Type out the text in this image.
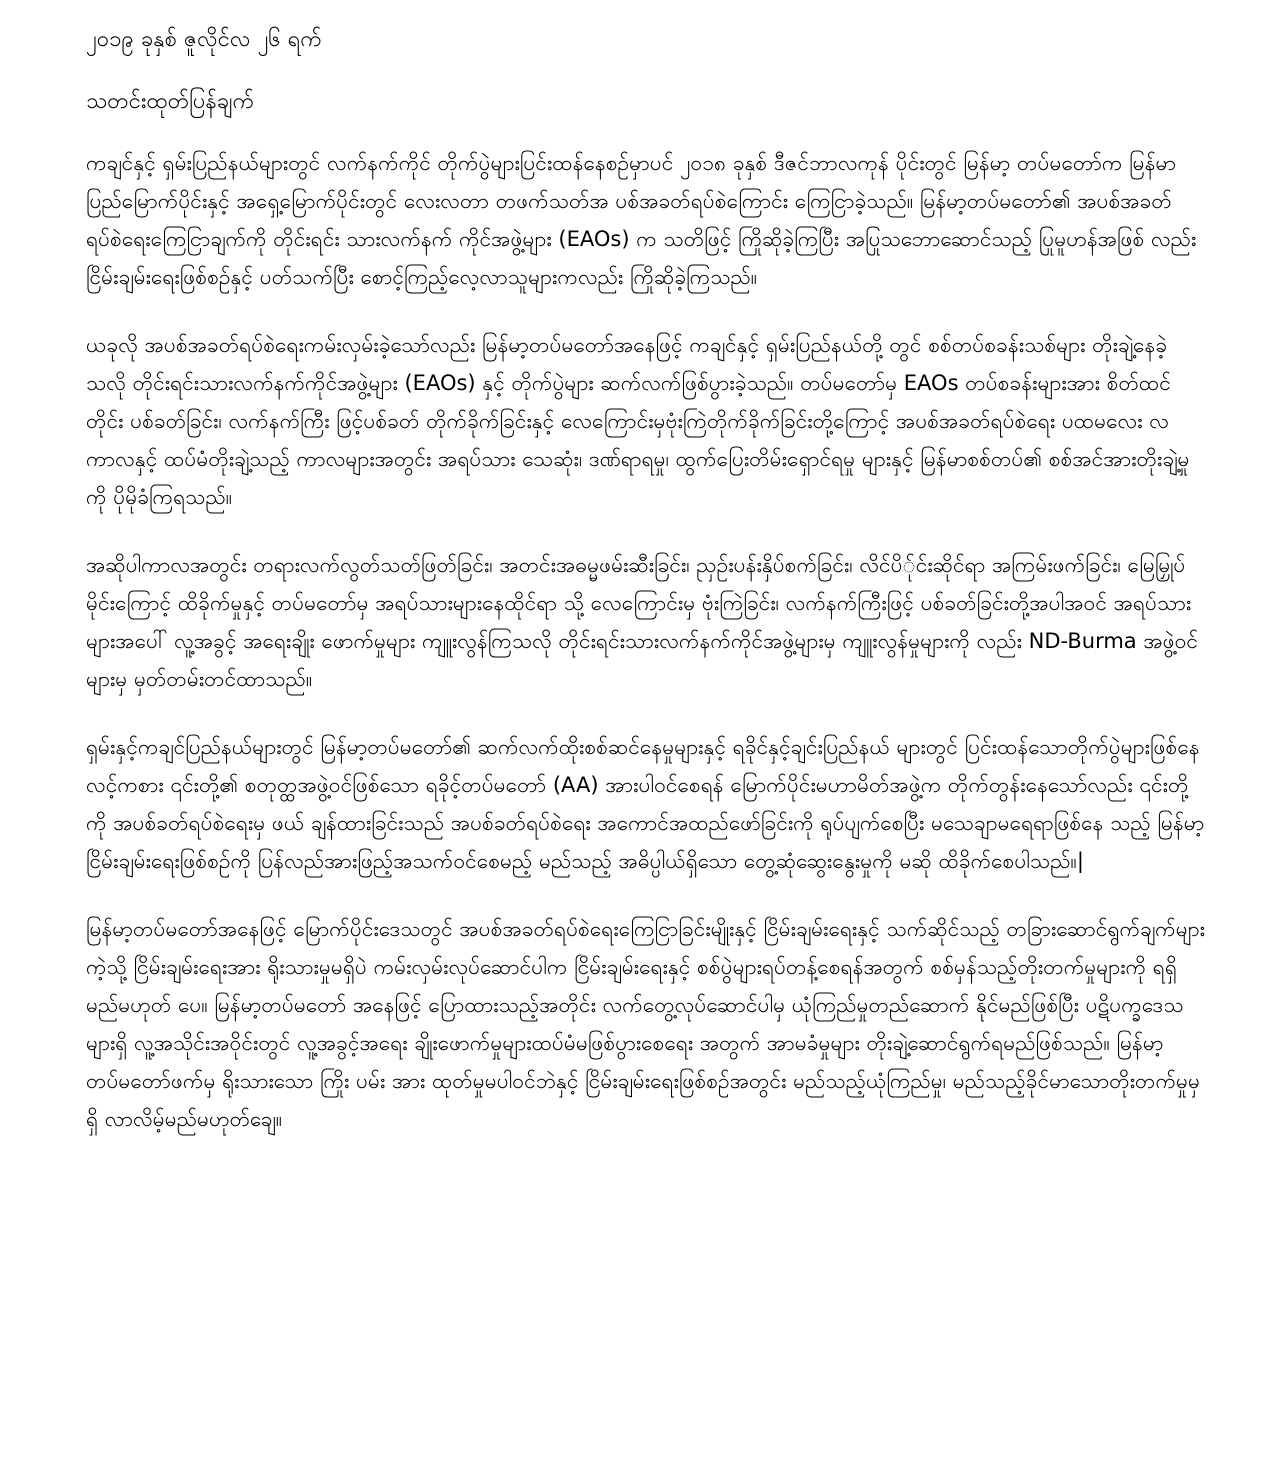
၂၀၁၉ ခုနှစ် ဇူလိုင်လ ၂၆ ရက်
သတင်းထုတ်ပြန်ချက်

ကချင်နှင့် ရှမ်းပြည်နယ်များတွင် လက်နက်ကိုင် တိုက်ပွဲများပြင်းထန်နေစဉ်မှာပင် ၂၀၁၈ ခုနှစ် ဒီဇင်ဘာလကုန် ပိုင်းတွင် မြန်မာ့ တပ်မတော်က မြန်မာပြည်မြောက်ပိုင်းနှင့် အရှေ့မြောက်ပိုင်းတွင် လေးလတာ တဖက်သတ်အ ပစ်အခတ်ရပ်စဲကြောင်း ကြေငြာခဲ့သည်။ မြန်မာ့တပ်မတော်၏ အပစ်အခတ်ရပ်စဲရေးကြေငြာချက်ကို တိုင်းရင်း သားလက်နက် ကိုင်အဖွဲ့များ (EAOs) က သတိဖြင့် ကြိုဆိုခဲ့ကြပြီး အပြုသဘောဆောင်သည့် ပြုမူဟန်အဖြစ် လည်း ငြိမ်းချမ်းရေးဖြစ်စဉ်နှင့် ပတ်သက်ပြီး စောင့်ကြည့်လေ့လာသူများကလည်း ကြိုဆိုခဲ့ကြသည်။

ယခုလို အပစ်အခတ်ရပ်စဲရေးကမ်းလှမ်းခဲ့သော်လည်း မြန်မာ့တပ်မတော်အနေဖြင့် ကချင်နှင့် ရှမ်းပြည်နယ်တို့ တွင် စစ်တပ်စခန်းသစ်များ တိုးချဲ့နေခဲ့သလို တိုင်းရင်းသားလက်နက်ကိုင်အဖွဲ့များ (EAOs) နှင့် တိုက်ပွဲများ ဆက်လက်ဖြစ်ပွားခဲ့သည်။ တပ်မတော်မှ EAOs တပ်စခန်းများအား စိတ်ထင်တိုင်း ပစ်ခတ်ခြင်း၊ လက်နက်ကြီး ဖြင့်ပစ်ခတ် တိုက်ခိုက်ခြင်းနှင့် လေကြောင်းမှဗုံးကြဲတိုက်ခိုက်ခြင်းတို့ကြောင့် အပစ်အခတ်ရပ်စဲရေး ပထမလေး လကာလနှင့် ထပ်မံတိုးချဲ့သည့် ကာလများအတွင်း အရပ်သား သေဆုံး၊ ဒဏ်ရာရမှု၊ ထွက်ပြေးတိမ်းရှောင်ရမှု များနှင့် မြန်မာစစ်တပ်၏ စစ်အင်အားတိုးချဲ့မှုကို ပိုမိုခံကြရသည်။

အဆိုပါကာလအတွင်း တရားလက်လွတ်သတ်ဖြတ်ခြင်း၊ အတင်းအဓမ္မဖမ်းဆီးခြင်း၊ ညှဉ်းပန်းနှိပ်စက်ခြင်း၊ လိင်ပိ်ုင်းဆိုင်ရာ အကြမ်းဖက်ခြင်း၊ မြေမြှုပ်မိုင်းကြောင့် ထိခိုက်မှုနှင့် တပ်မတော်မှ အရပ်သားများနေထိုင်ရာ သို့ လေကြောင်းမှ ဗုံးကြဲခြင်း၊ လက်နက်ကြီးဖြင့် ပစ်ခတ်ခြင်းတို့အပါအဝင် အရပ်သားများအပေါ် လူ့အခွင့် အရေးချိုး ဖောက်မှုများ ကျူးလွန်ကြသလို တိုင်းရင်းသားလက်နက်ကိုင်အဖွဲ့များမှ ကျူးလွန်မှုများကို လည်း ND-Burma အဖွဲ့ဝင်များမှ မှတ်တမ်းတင်ထာသည်။

ရှမ်းနှင့်ကချင်ပြည်နယ်များတွင် မြန်မာ့တပ်မတော်၏ ဆက်လက်ထိုးစစ်ဆင်နေမှုများနှင့် ရခိုင်နှင့်ချင်းပြည်နယ် များတွင် ပြင်းထန်သောတိုက်ပွဲများဖြစ်နေလင့်ကစား ၎င်းတို့၏ စတုတ္ထအဖွဲ့ဝင်ဖြစ်သော ရခိုင့်တပ်မတော် (AA) အားပါဝင်စေရန် မြောက်ပိုင်းမဟာမိတ်အဖွဲ့က တိုက်တွန်းနေသော်လည်း ၎င်းတို့ကို အပစ်ခတ်ရပ်စဲရေးမှ ဖယ် ချန်ထားခြင်းသည် အပစ်ခတ်ရပ်စဲရေး အကောင်အထည်ဖော်ခြင်းကို ရုပ်ပျက်စေပြီး မသေချာမရေရာဖြစ်နေ သည့် မြန်မာ့ငြိမ်းချမ်းရေးဖြစ်စဉ်ကို ပြန်လည်အားဖြည့်အသက်ဝင်စေမည့် မည်သည့် အဓိပ္ပါယ်ရှိသော တွေ့ဆုံဆွေးနွေးမှုကို မဆို ထိခိုက်စေပါသည်။|

မြန်မာ့တပ်မတော်အနေဖြင့် မြောက်ပိုင်းဒေသတွင် အပစ်အခတ်ရပ်စဲရေးကြေငြာခြင်းမျိုးနှင့် ငြိမ်းချမ်းရေးနှင့် သက်ဆိုင်သည့် တခြားဆောင်ရွက်ချက်များကဲ့သို့ ငြိမ်းချမ်းရေးအား ရိုးသားမှုမရှိပဲ ကမ်းလှမ်းလုပ်ဆောင်ပါက ငြိမ်းချမ်းရေးနှင့် စစ်ပွဲများရပ်တန့်စေရန်အတွက် စစ်မှန်သည့်တိုးတက်မှုများကို ရရှိမည်မဟုတ် ပေ။ မြန်မာ့တပ်မတော် အနေဖြင့် ပြောထားသည့်အတိုင်း လက်တွေ့လုပ်ဆောင်ပါမှ ယုံကြည်မှုတည်ဆောက် နိုင်မည်ဖြစ်ပြီး ပဋိပက္ခဒေသများရှိ လူ့အသိုင်းအဝိုင်းတွင် လူ့အခွင့်အရေး ချိုးဖောက်မှုများထပ်မံမဖြစ်ပွားစေရေး အတွက် အာမခံမှုများ တိုးချဲ့ဆောင်ရွက်ရမည်ဖြစ်သည်။ မြန်မာ့တပ်မတော်ဖက်မှ ရိုးသားသော ကြိုး ပမ်း အား ထုတ်မှုမပါဝင်ဘဲနှင့် ငြိမ်းချမ်းရေးဖြစ်စဉ်အတွင်း မည်သည့်ယုံကြည်မှု၊ မည်သည့်ခိုင်မာသောတိုးတက်မှုမှ ရှိ လာလိမ့်မည်မဟုတ်ချေ။
